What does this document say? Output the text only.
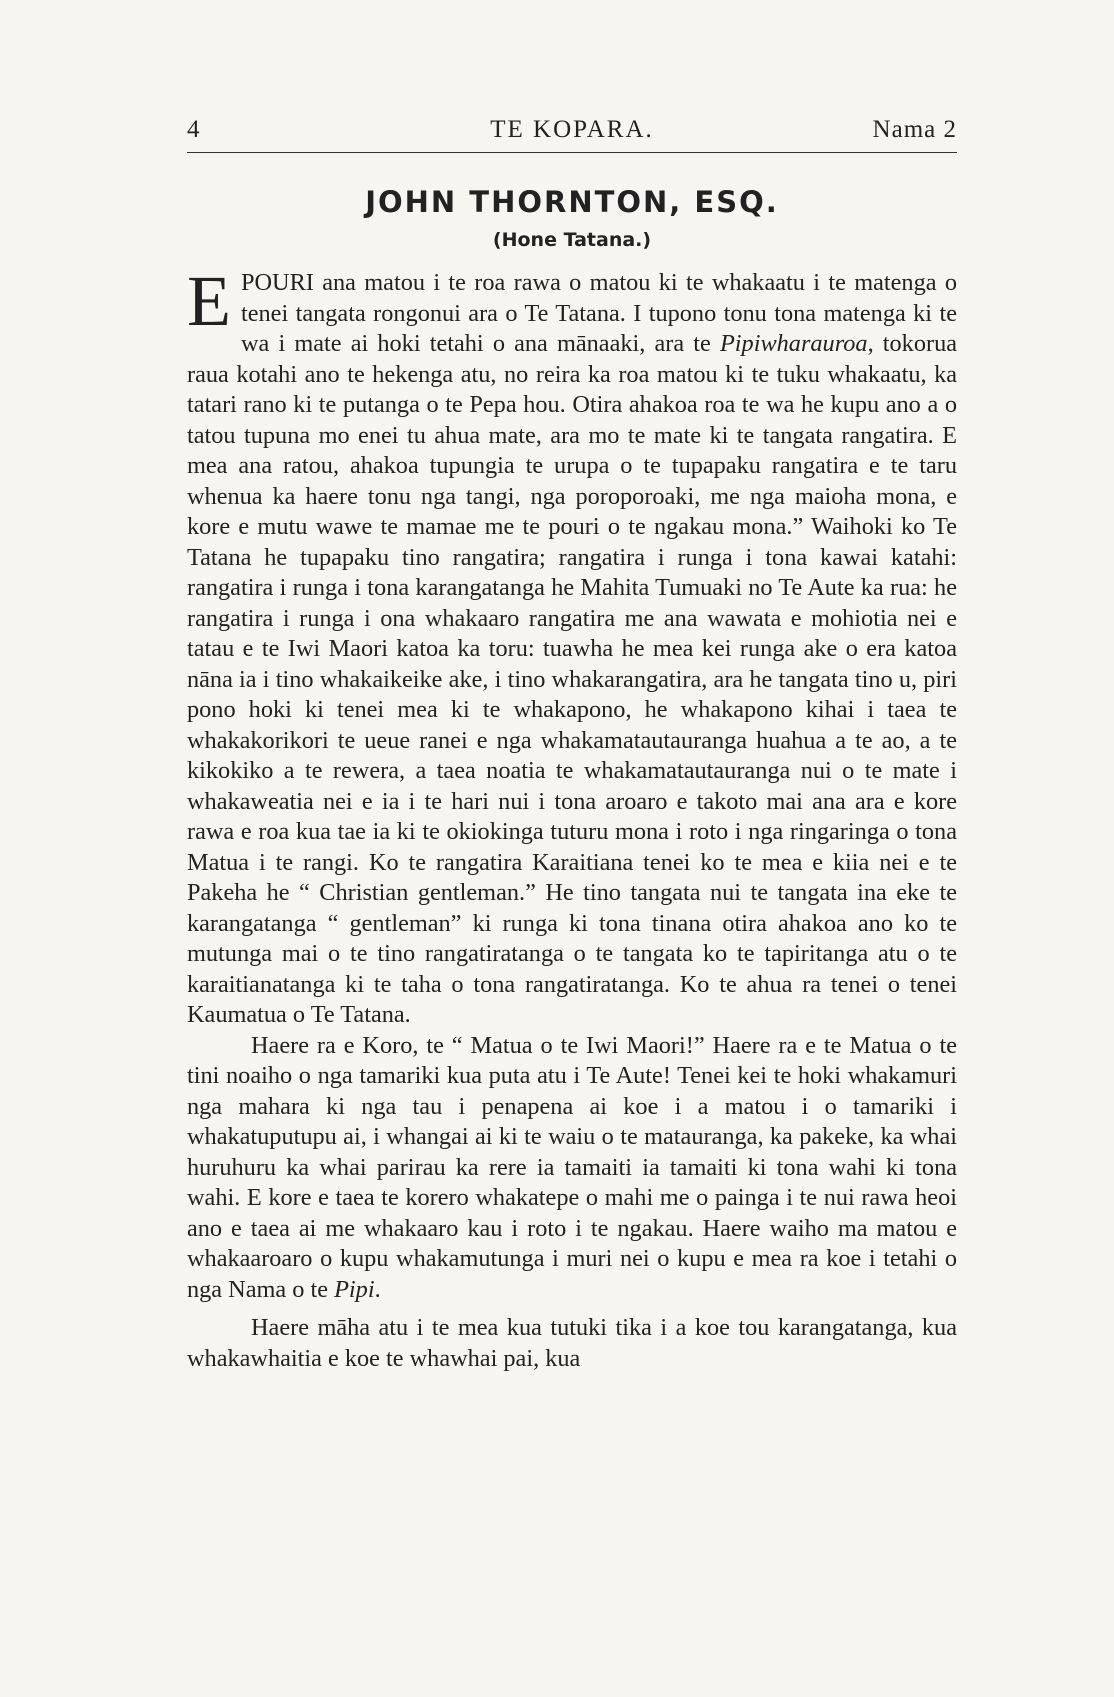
4	TE KOPARA.	Nama 2
JOHN THORNTON, ESQ.
(Hone Tatana.)

EPOURI ana matou i te roa rawa o matou ki te whakaatu i te matenga o tenei tangata rongonui ara o Te Tatana. I tupono tonu tona matenga ki te wa i mate ai hoki tetahi o ana mānaaki, ara te Pipiwharauroa, tokorua raua kotahi ano te hekenga atu, no reira ka roa matou ki te tuku whakaatu, ka tatari rano ki te putanga o te Pepa hou. Otira ahakoa roa te wa he kupu ano a o tatou tupuna mo enei tu ahua mate, ara mo te mate ki te tangata rangatira. E mea ana ratou, ahakoa tupungia te urupa o te tupapaku rangatira e te taru whenua ka haere tonu nga tangi, nga poroporoaki, me nga maioha mona, e kore e mutu wawe te mamae me te pouri o te ngakau mona.” Waihoki ko Te Tatana he tupapaku tino rangatira; rangatira i runga i tona kawai katahi: rangatira i runga i tona karangatanga he Mahita Tumuaki no Te Aute ka rua: he rangatira i runga i ona whakaaro rangatira me ana wawata e mohiotia nei e tatau e te Iwi Maori katoa ka toru: tuawha he mea kei runga ake o era katoa nāna ia i tino whakaikeike ake, i tino whakarangatira, ara he tangata tino u, piri pono hoki ki tenei mea ki te whakapono, he whakapono kihai i taea te whakakorikori te ueue ranei e nga whakamatautauranga huahua a te ao, a te kikokiko a te rewera, a taea noatia te whakamatautauranga nui o te mate i whakaweatia nei e ia i te hari nui i tona aroaro e takoto mai ana ara e kore rawa e roa kua tae ia ki te okiokinga tuturu mona i roto i nga ringaringa o tona Matua i te rangi. Ko te rangatira Karaitiana tenei ko te mea e kiia nei e te Pakeha he “ Christian gentleman.” He tino tangata nui te tangata ina eke te karangatanga “ gentleman” ki runga ki tona tinana otira ahakoa ano ko te mutunga mai o te tino rangatiratanga o te tangata ko te tapiritanga atu o te karaitianatanga ki te taha o tona rangatiratanga. Ko te ahua ra tenei o tenei Kaumatua o Te Tatana.

Haere ra e Koro, te “ Matua o te Iwi Maori!” Haere ra e te Matua o te tini noaiho o nga tamariki kua puta atu i Te Aute! Tenei kei te hoki whakamuri nga mahara ki nga tau i penapena ai koe i a matou i o tamariki i whakatuputupu ai, i whangai ai ki te waiu o te matauranga, ka pakeke, ka whai huruhuru ka whai parirau ka rere ia tamaiti ia tamaiti ki tona wahi ki tona wahi. E kore e taea te korero whakatepe o mahi me o painga i te nui rawa heoi ano e taea ai me whakaaro kau i roto i te ngakau. Haere waiho ma matou e whakaaroaro o kupu whakamutunga i muri nei o kupu e mea ra koe i tetahi o nga Nama o te Pipi.

Haere māha atu i te mea kua tutuki tika i a koe tou karangatanga, kua whakawhaitia e koe te whawhai pai, kua
